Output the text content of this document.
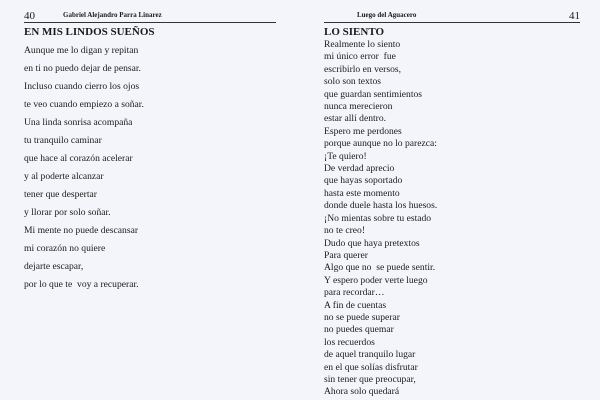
40	Gabriel Alejandro Parra Linarez
EN MIS LINDOS SUEÑOS
Aunque me lo digan y repitan
en ti no puedo dejar de pensar.
Incluso cuando cierro los ojos
te veo cuando empiezo a soñar.
Una linda sonrisa acompaña
tu tranquilo caminar
que hace al corazón acelerar
y al poderte alcanzar
tener que despertar
y llorar por solo soñar.
Mi mente no puede descansar
mi corazón no quiere
dejarte escapar,
por lo que te  voy a recuperar.
Luego del Aguacero	41
LO SIENTO
Realmente lo siento
mi único error  fue
escribirlo en versos,
solo son textos
que guardan sentimientos
nunca merecieron
estar allí dentro.
Espero me perdones
porque aunque no lo parezca:
¡Te quiero!
De verdad aprecio
que hayas soportado
hasta este momento
donde duele hasta los huesos.
¡No mientas sobre tu estado
no te creo!
Dudo que haya pretextos
Para querer
Algo que no  se puede sentir.
Y espero poder verte luego
para recordar…
A fin de cuentas
no se puede superar
no puedes quemar
los recuerdos
de aquel tranquilo lugar
en el que solías disfrutar
sin tener que preocupar,
Ahora solo quedará
